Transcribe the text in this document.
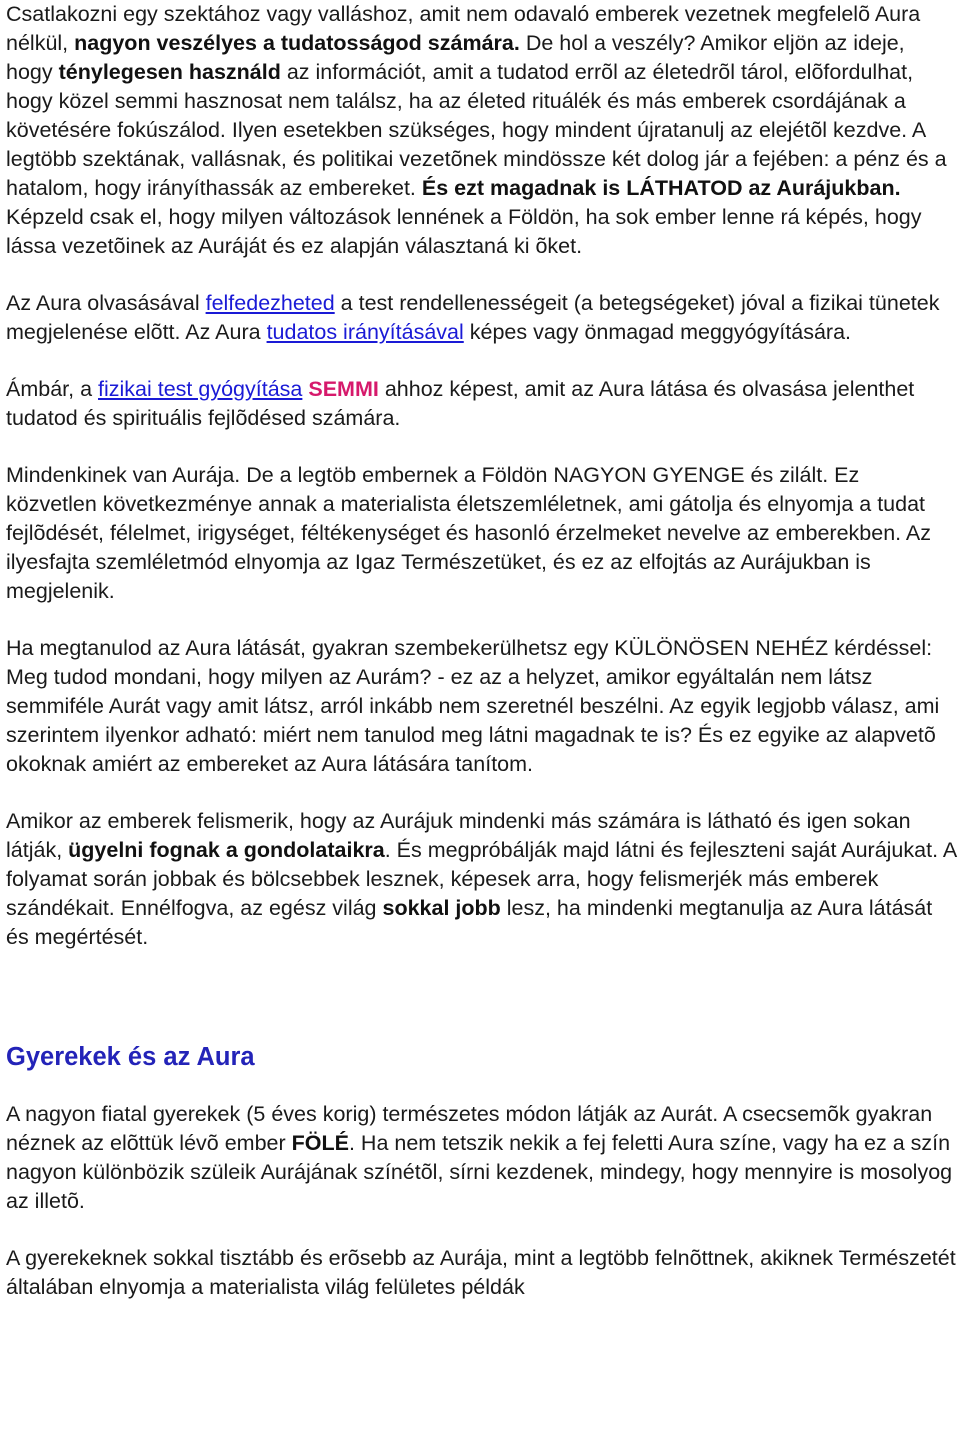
Csatlakozni egy szektához vagy valláshoz, amit nem odavaló emberek vezetnek megfelelõ Aura nélkül, nagyon veszélyes a tudatosságod számára. De hol a veszély? Amikor eljön az ideje, hogy ténylegesen használd az információt, amit a tudatod errõl az életedrõl tárol, elõfordulhat, hogy közel semmi hasznosat nem találsz, ha az életed rituálék és más emberek csordájának a követésére fokúszálod. Ilyen esetekben szükséges, hogy mindent újratanulj az elejétõl kezdve. A legtöbb szektának, vallásnak, és politikai vezetõnek mindössze két dolog jár a fejében: a pénz és a hatalom, hogy irányíthassák az embereket. És ezt magadnak is LÁTHATOD az Aurájukban. Képzeld csak el, hogy milyen változások lennének a Földön, ha sok ember lenne rá képés, hogy lássa vezetõinek az Auráját és ez alapján választaná ki õket.

Az Aura olvasásával felfedezheted a test rendellenességeit (a betegségeket) jóval a fizikai tünetek megjelenése elõtt. Az Aura tudatos irányításával képes vagy önmagad meggyógyítására.

Ámbár, a fizikai test gyógyítása SEMMI ahhoz képest, amit az Aura látása és olvasása jelenthet tudatod és spirituális fejlõdésed számára.

Mindenkinek van Aurája. De a legtöb embernek a Földön NAGYON GYENGE és zilált. Ez közvetlen következménye annak a materialista életszemléletnek, ami gátolja és elnyomja a tudat fejlõdését, félelmet, irigységet, féltékenységet és hasonló érzelmeket nevelve az emberekben. Az ilyesfajta szemléletmód elnyomja az Igaz Természetüket, és ez az elfojtás az Aurájukban is megjelenik.

Ha megtanulod az Aura látását, gyakran szembekerülhetsz egy KÜLÖNÖSEN NEHÉZ kérdéssel: Meg tudod mondani, hogy milyen az Aurám? - ez az a helyzet, amikor egyáltalán nem látsz semmiféle Aurát vagy amit látsz, arról inkább nem szeretnél beszélni. Az egyik legjobb válasz, ami szerintem ilyenkor adható: miért nem tanulod meg látni magadnak te is? És ez egyike az alapvetõ okoknak amiért az embereket az Aura látására tanítom.

Amikor az emberek felismerik, hogy az Aurájuk mindenki más számára is látható és igen sokan látják, ügyelni fognak a gondolataikra. És megpróbálják majd látni és fejleszteni saját Aurájukat. A folyamat során jobbak és bölcsebbek lesznek, képesek arra, hogy felismerjék más emberek szándékait. Ennélfogva, az egész világ sokkal jobb lesz, ha mindenki megtanulja az Aura látását és megértését.

Gyerekek és az Aura

A nagyon fiatal gyerekek (5 éves korig) természetes módon látják az Aurát. A csecsemõk gyakran néznek az elõttük lévõ ember FÖLÉ. Ha nem tetszik nekik a fej feletti Aura színe, vagy ha ez a szín nagyon különbözik szüleik Aurájának színétõl, sírni kezdenek, mindegy, hogy mennyire is mosolyog az illetõ.

A gyerekeknek sokkal tisztább és erõsebb az Aurája, mint a legtöbb felnõttnek, akiknek Természetét általában elnyomja a materialista világ felületes példák
